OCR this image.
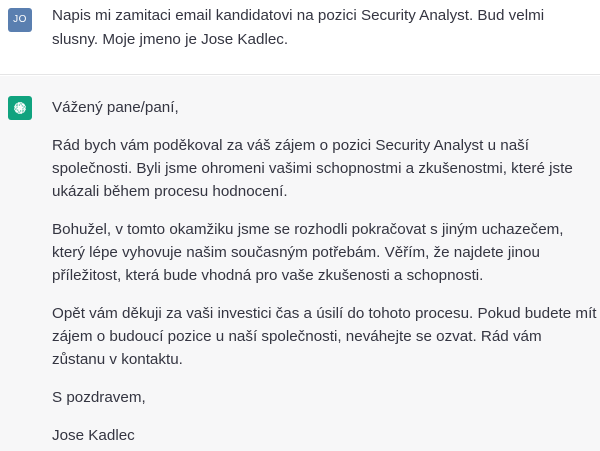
JO	Napis mi zamitaci email kandidatovi na pozici Security Analyst. Bud velmi slusny. Moje jmeno je Jose Kadlec.

Vážený pane/paní,

Rád bych vám poděkoval za váš zájem o pozici Security Analyst u naší společnosti. Byli jsme ohromeni vašimi schopnostmi a zkušenostmi, které jste ukázali během procesu hodnocení.

Bohužel, v tomto okamžiku jsme se rozhodli pokračovat s jiným uchazečem, který lépe vyhovuje našim současným potřebám. Věřím, že najdete jinou příležitost, která bude vhodná pro vaše zkušenosti a schopnosti.

Opět vám děkuji za vaši investici čas a úsilí do tohoto procesu. Pokud budete mít zájem o budoucí pozice u naší společnosti, neváhejte se ozvat. Rád vám zůstanu v kontaktu.

S pozdravem,

Jose Kadlec
